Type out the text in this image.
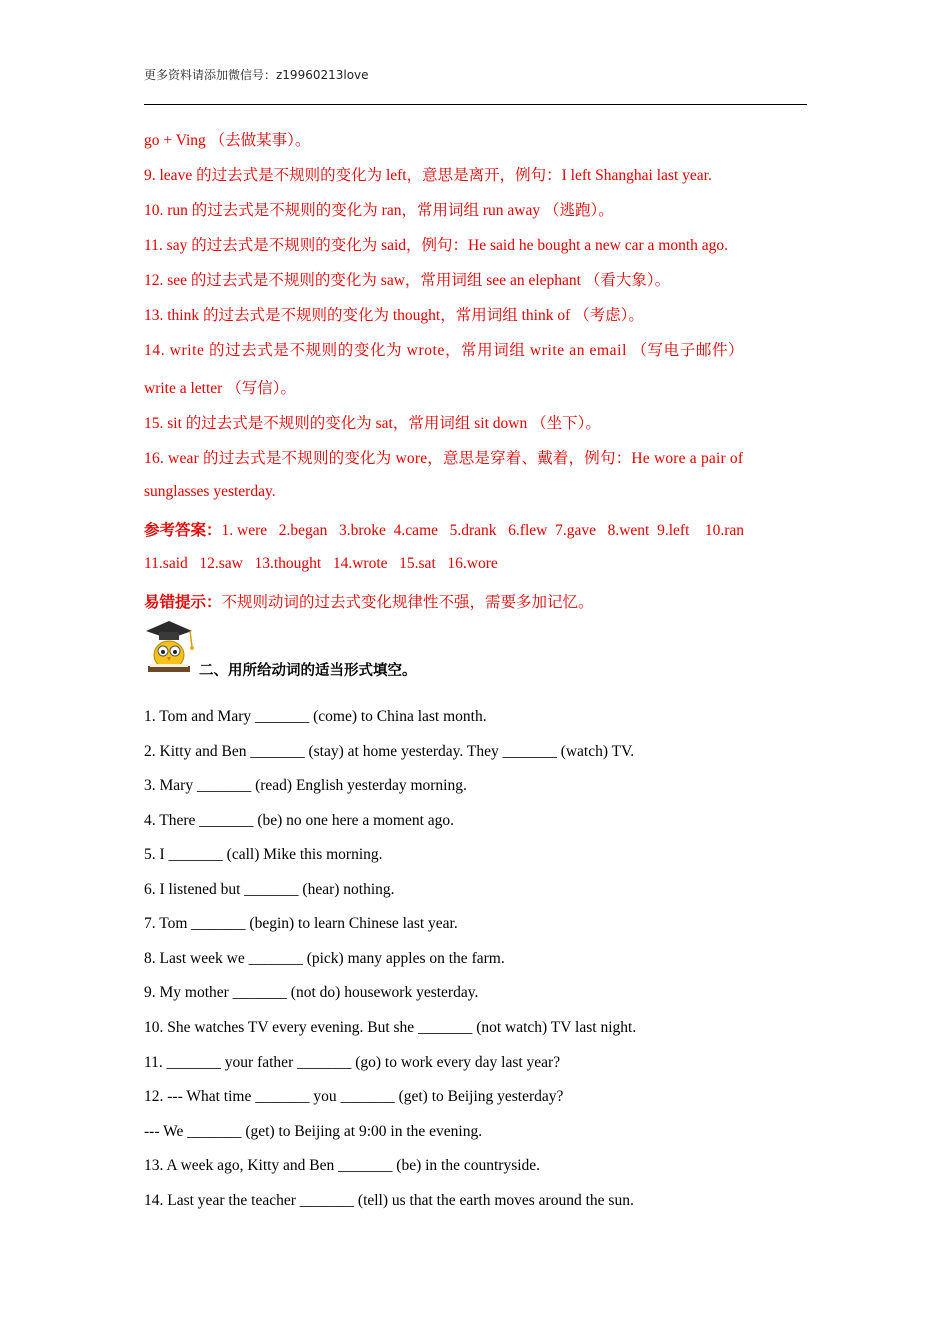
更多资料请添加微信号：z19960213love
go + Ving （去做某事）。
9. leave 的过去式是不规则的变化为 left，意思是离开，例句：I left Shanghai last year.
10. run 的过去式是不规则的变化为 ran，常用词组 run away （逃跑）。
11. say 的过去式是不规则的变化为 said，例句：He said he bought a new car a month ago.
12. see 的过去式是不规则的变化为 saw，常用词组 see an elephant （看大象）。
13. think 的过去式是不规则的变化为 thought，常用词组 think of （考虑）。
14. write 的过去式是不规则的变化为 wrote，常用词组 write an email （写电子邮件）
write a letter （写信）。
15. sit 的过去式是不规则的变化为 sat，常用词组 sit down （坐下）。
16. wear 的过去式是不规则的变化为 wore，意思是穿着、戴着，例句：He wore a pair of
sunglasses yesterday.
参考答案：1. were   2.began   3.broke  4.came   5.drank   6.flew  7.gave   8.went  9.left    10.ran
11.said   12.saw   13.thought   14.wrote   15.sat   16.wore
易错提示：不规则动词的过去式变化规律性不强，需要多加记忆。
二、用所给动词的适当形式填空。
1. Tom and Mary _______ (come) to China last month.
2. Kitty and Ben _______ (stay) at home yesterday. They _______ (watch) TV.
3. Mary _______ (read) English yesterday morning.
4. There _______ (be) no one here a moment ago.
5. I _______ (call) Mike this morning.
6. I listened but _______ (hear) nothing.
7. Tom _______ (begin) to learn Chinese last year.
8. Last week we _______ (pick) many apples on the farm.
9. My mother _______ (not do) housework yesterday.
10. She watches TV every evening. But she _______ (not watch) TV last night.
11. _______ your father _______ (go) to work every day last year?
12. --- What time _______ you _______ (get) to Beijing yesterday?
--- We _______ (get) to Beijing at 9:00 in the evening.
13. A week ago, Kitty and Ben _______ (be) in the countryside.
14. Last year the teacher _______ (tell) us that the earth moves around the sun.
